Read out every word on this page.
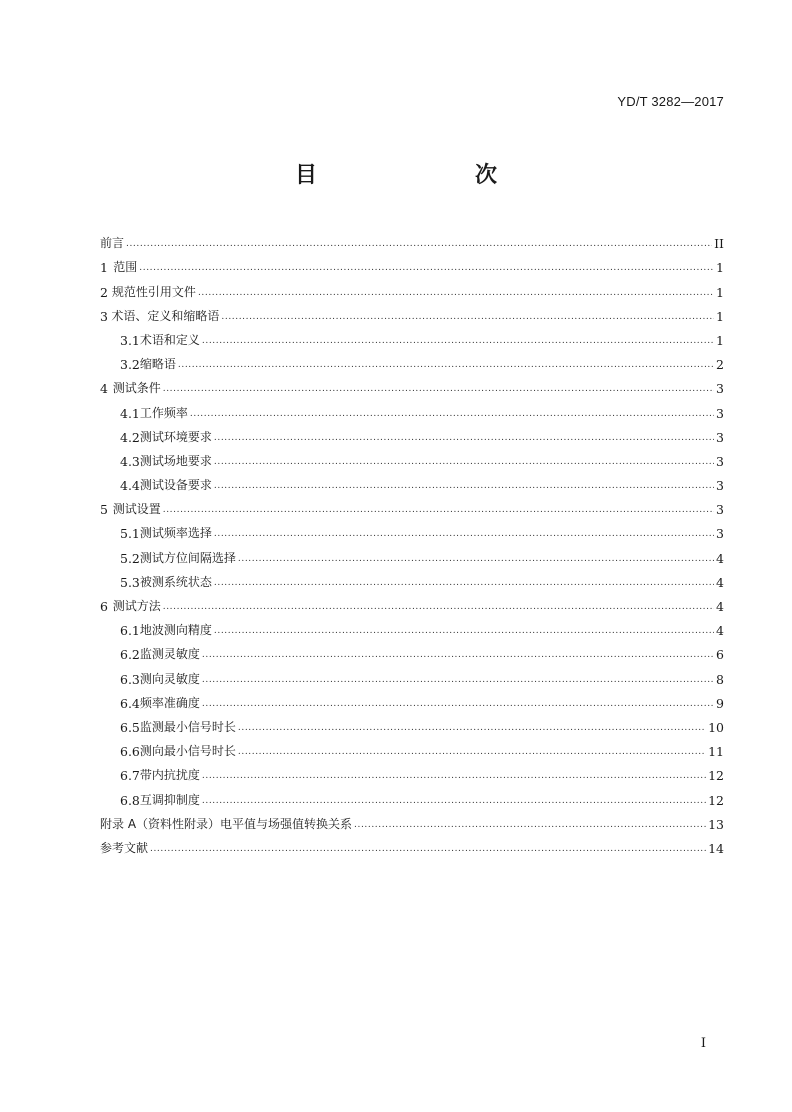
YD/T 3282—2017
目　　次
前言 .....	II
1 范围 .....	1
2 规范性引用文件 .....	1
3 术语、定义和缩略语 .....	1
3.1 术语和定义 .....	1
3.2 缩略语 .....	2
4 测试条件 .....	3
4.1 工作频率 .....	3
4.2 测试环境要求 .....	3
4.3 测试场地要求 .....	3
4.4 测试设备要求 .....	3
5 测试设置 .....	3
5.1 测试频率选择 .....	3
5.2 测试方位间隔选择 .....	4
5.3 被测系统状态 .....	4
6 测试方法 .....	4
6.1 地波测向精度 .....	4
6.2 监测灵敏度 .....	6
6.3 测向灵敏度 .....	8
6.4 频率准确度 .....	9
6.5 监测最小信号时长 .....	10
6.6 测向最小信号时长 .....	11
6.7 带内抗扰度 .....	12
6.8 互调抑制度 .....	12
附录 A（资料性附录）电平值与场强值转换关系 .....	13
参考文献 .....	14
I
